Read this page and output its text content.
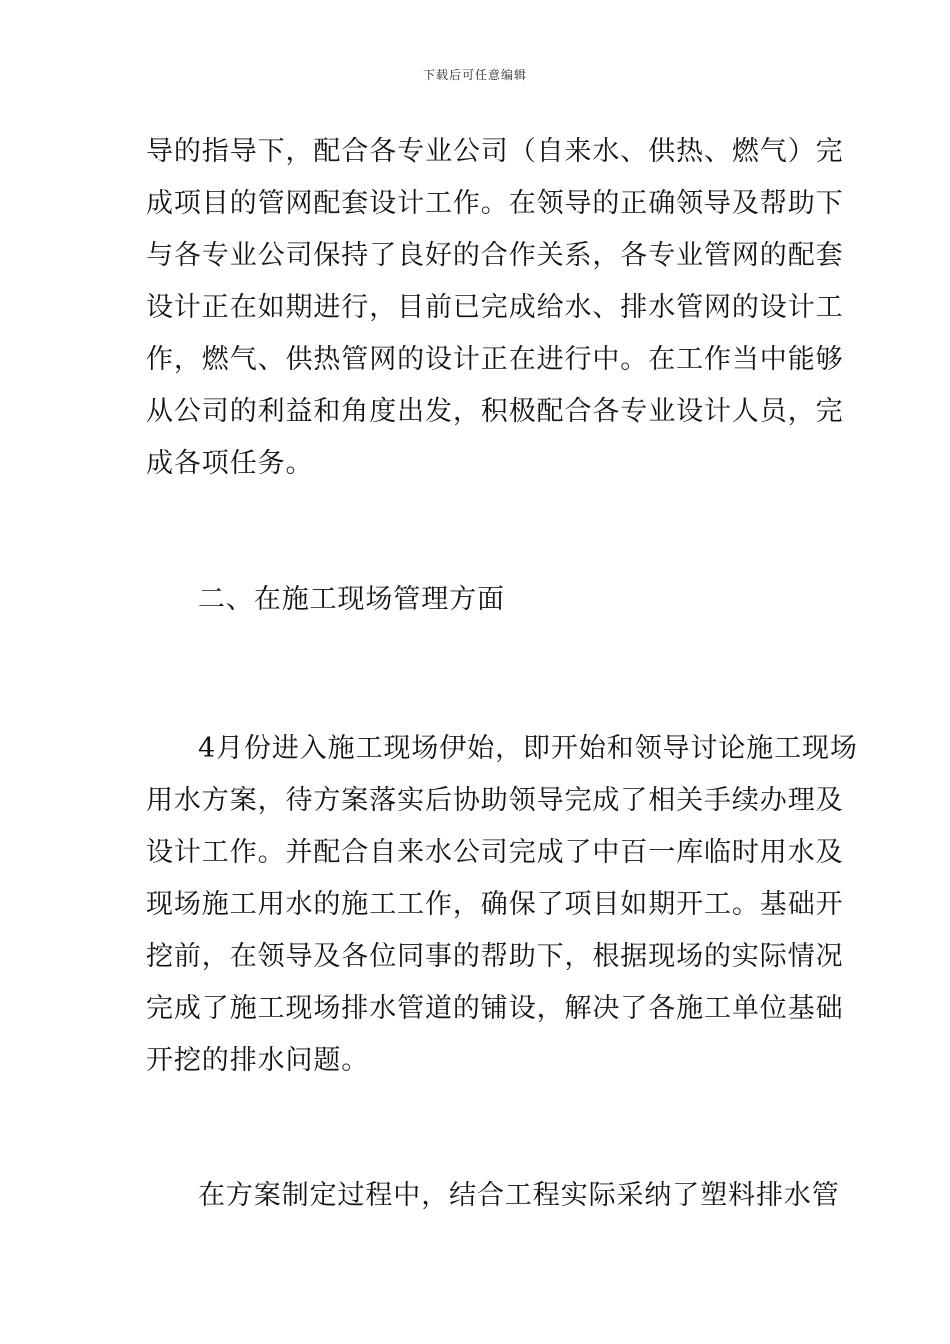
下载后可任意编辑
导的指导下，配合各专业公司（自来水、供热、燃气）完
成项目的管网配套设计工作。在领导的正确领导及帮助下
与各专业公司保持了良好的合作关系，各专业管网的配套
设计正在如期进行，目前已完成给水、排水管网的设计工
作，燃气、供热管网的设计正在进行中。在工作当中能够
从公司的利益和角度出发，积极配合各专业设计人员，完
成各项任务。
二、在施工现场管理方面
4月份进入施工现场伊始，即开始和领导讨论施工现场
用水方案，待方案落实后协助领导完成了相关手续办理及
设计工作。并配合自来水公司完成了中百一库临时用水及
现场施工用水的施工工作，确保了项目如期开工。基础开
挖前，在领导及各位同事的帮助下，根据现场的实际情况
完成了施工现场排水管道的铺设，解决了各施工单位基础
开挖的排水问题。
在方案制定过程中，结合工程实际采纳了塑料排水管
